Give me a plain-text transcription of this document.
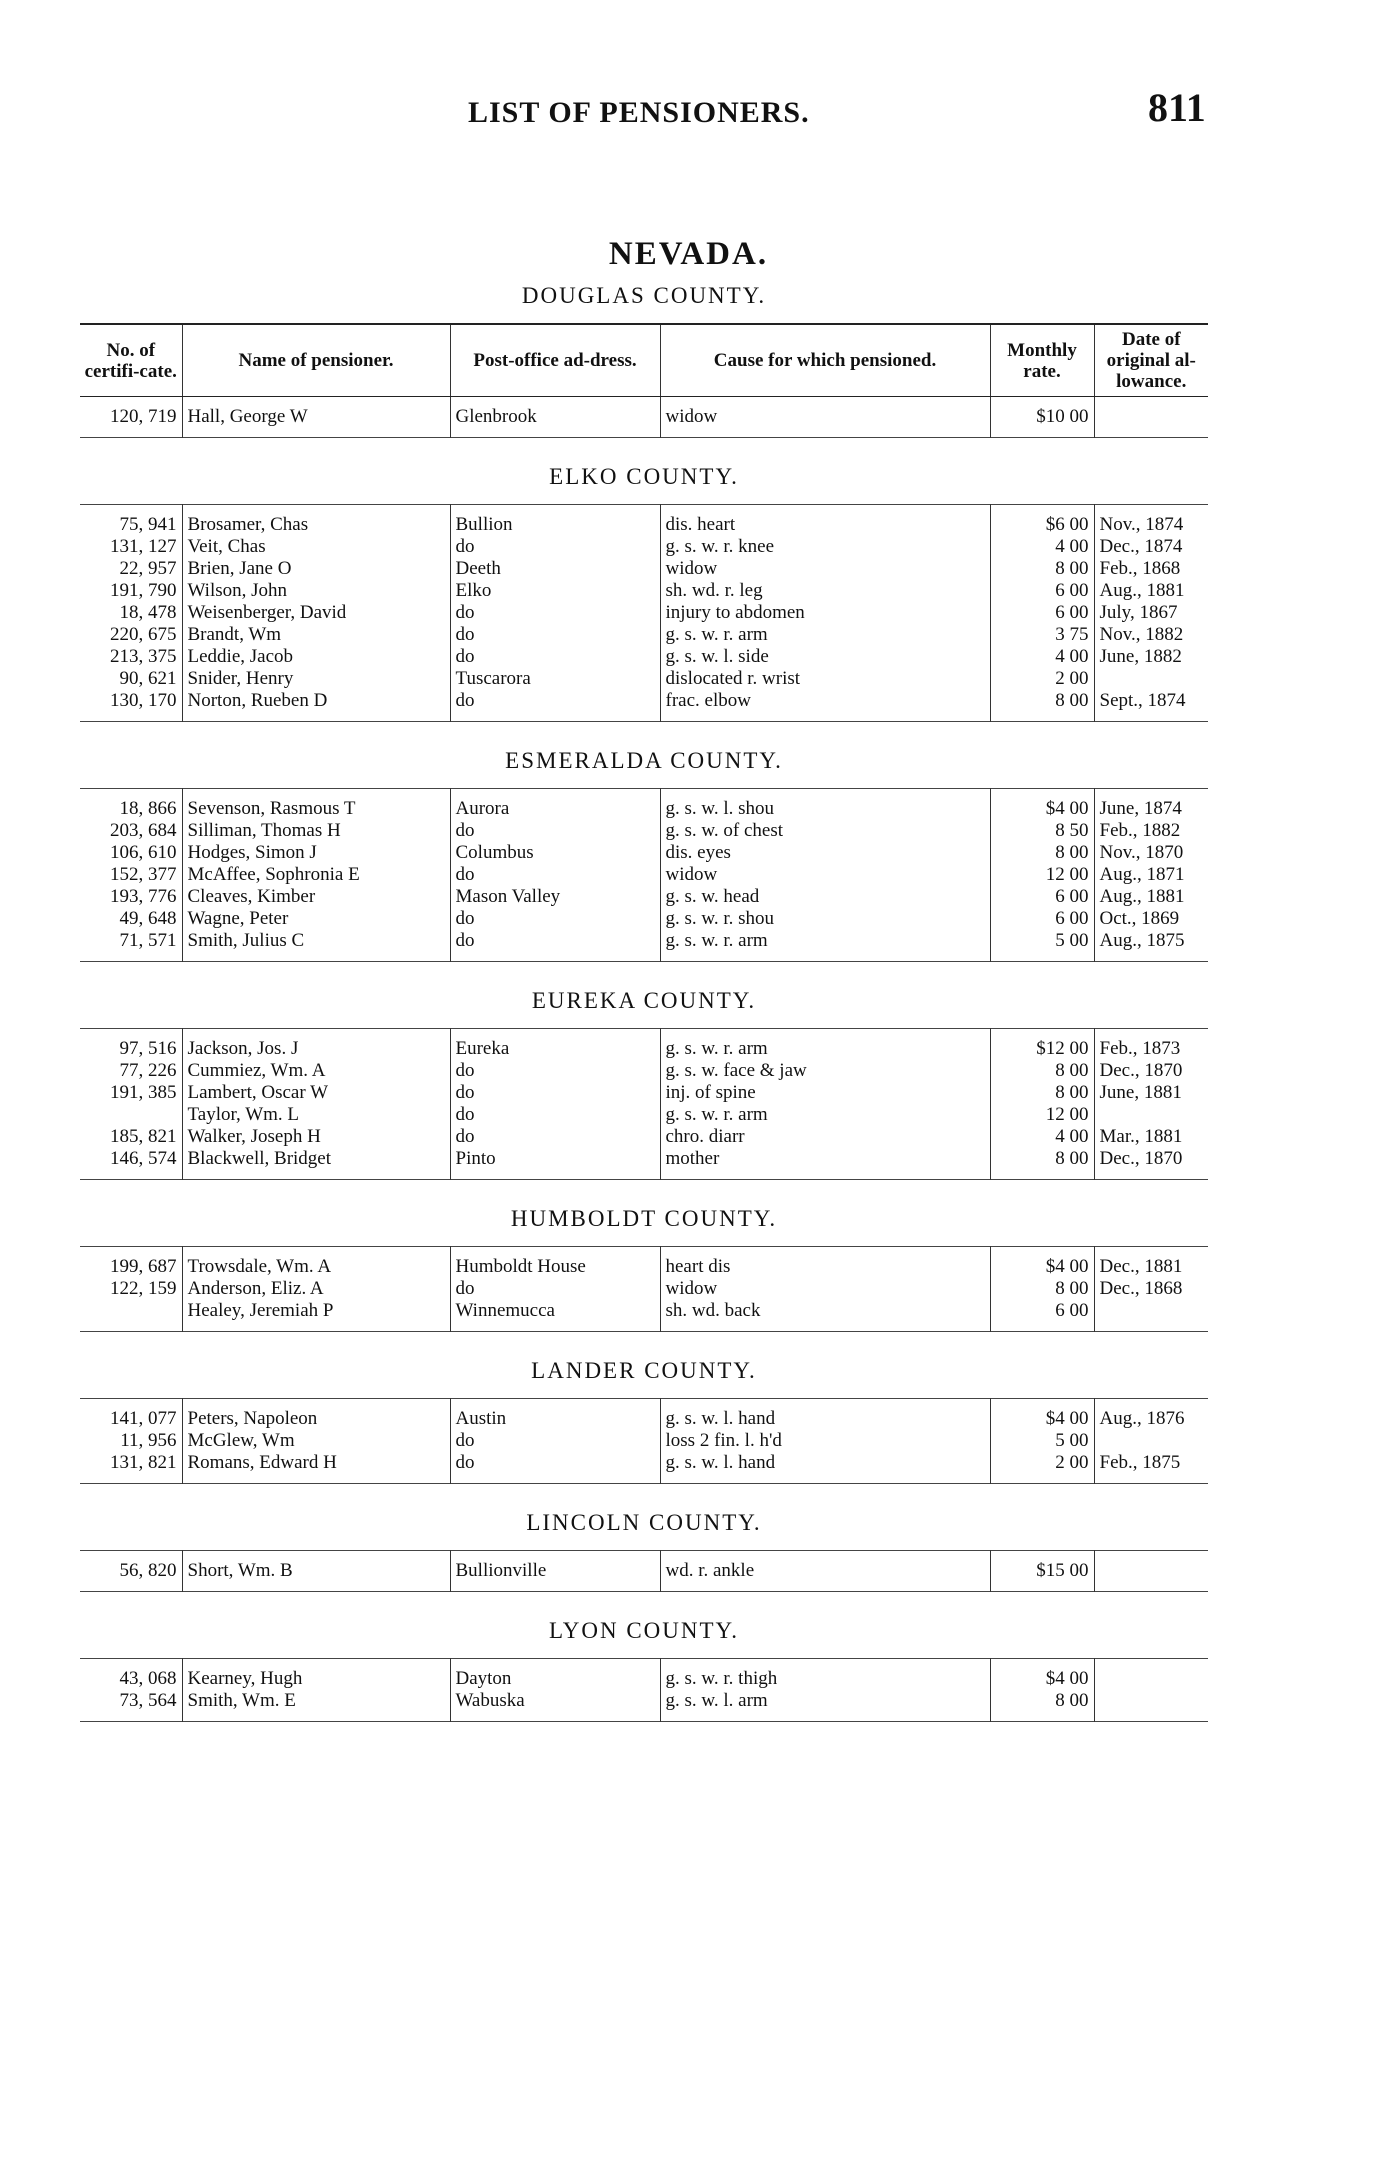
LIST OF PENSIONERS.	811
NEVADA.
DOUGLAS COUNTY.
No. of certifi-cate.	Name of pensioner.	Post-office ad-dress.	Cause for which pensioned.	Monthly rate.	Date of original al-lowance.
120, 719	Hall, George W	Glenbrook	widow	$10 00	
ELKO COUNTY.
75, 941	Brosamer, Chas	Bullion	dis. heart	$6 00	Nov., 1874
131, 127	Veit, Chas	do	g. s. w. r. knee	4 00	Dec., 1874
22, 957	Brien, Jane O	Deeth	widow	8 00	Feb., 1868
191, 790	Wilson, John	Elko	sh. wd. r. leg	6 00	Aug., 1881
18, 478	Weisenberger, David	do	injury to abdomen	6 00	July, 1867
220, 675	Brandt, Wm	do	g. s. w. r. arm	3 75	Nov., 1882
213, 375	Leddie, Jacob	do	g. s. w. l. side	4 00	June, 1882
90, 621	Snider, Henry	Tuscarora	dislocated r. wrist	2 00	
130, 170	Norton, Rueben D	do	frac. elbow	8 00	Sept., 1874
ESMERALDA COUNTY.
18, 866	Sevenson, Rasmous T	Aurora	g. s. w. l. shou	$4 00	June, 1874
203, 684	Silliman, Thomas H	do	g. s. w. of chest	8 50	Feb., 1882
106, 610	Hodges, Simon J	Columbus	dis. eyes	8 00	Nov., 1870
152, 377	McAffee, Sophronia E	do	widow	12 00	Aug., 1871
193, 776	Cleaves, Kimber	Mason Valley	g. s. w. head	6 00	Aug., 1881
49, 648	Wagne, Peter	do	g. s. w. r. shou	6 00	Oct., 1869
71, 571	Smith, Julius C	do	g. s. w. r. arm	5 00	Aug., 1875
EUREKA COUNTY.
97, 516	Jackson, Jos. J	Eureka	g. s. w. r. arm	$12 00	Feb., 1873
77, 226	Cummiez, Wm. A	do	g. s. w. face & jaw	8 00	Dec., 1870
191, 385	Lambert, Oscar W	do	inj. of spine	8 00	June, 1881
	Taylor, Wm. L	do	g. s. w. r. arm	12 00	
185, 821	Walker, Joseph H	do	chro. diarr	4 00	Mar., 1881
146, 574	Blackwell, Bridget	Pinto	mother	8 00	Dec., 1870
HUMBOLDT COUNTY.
199, 687	Trowsdale, Wm. A	Humboldt House	heart dis	$4 00	Dec., 1881
122, 159	Anderson, Eliz. A	do	widow	8 00	Dec., 1868
	Healey, Jeremiah P	Winnemucca	sh. wd. back	6 00	
LANDER COUNTY.
141, 077	Peters, Napoleon	Austin	g. s. w. l. hand	$4 00	Aug., 1876
11, 956	McGlew, Wm	do	loss 2 fin. l. h'd	5 00	
131, 821	Romans, Edward H	do	g. s. w. l. hand	2 00	Feb., 1875
LINCOLN COUNTY.
56, 820	Short, Wm. B	Bullionville	wd. r. ankle	$15 00	
LYON COUNTY.
43, 068	Kearney, Hugh	Dayton	g. s. w. r. thigh	$4 00	
73, 564	Smith, Wm. E	Wabuska	g. s. w. l. arm	8 00	
